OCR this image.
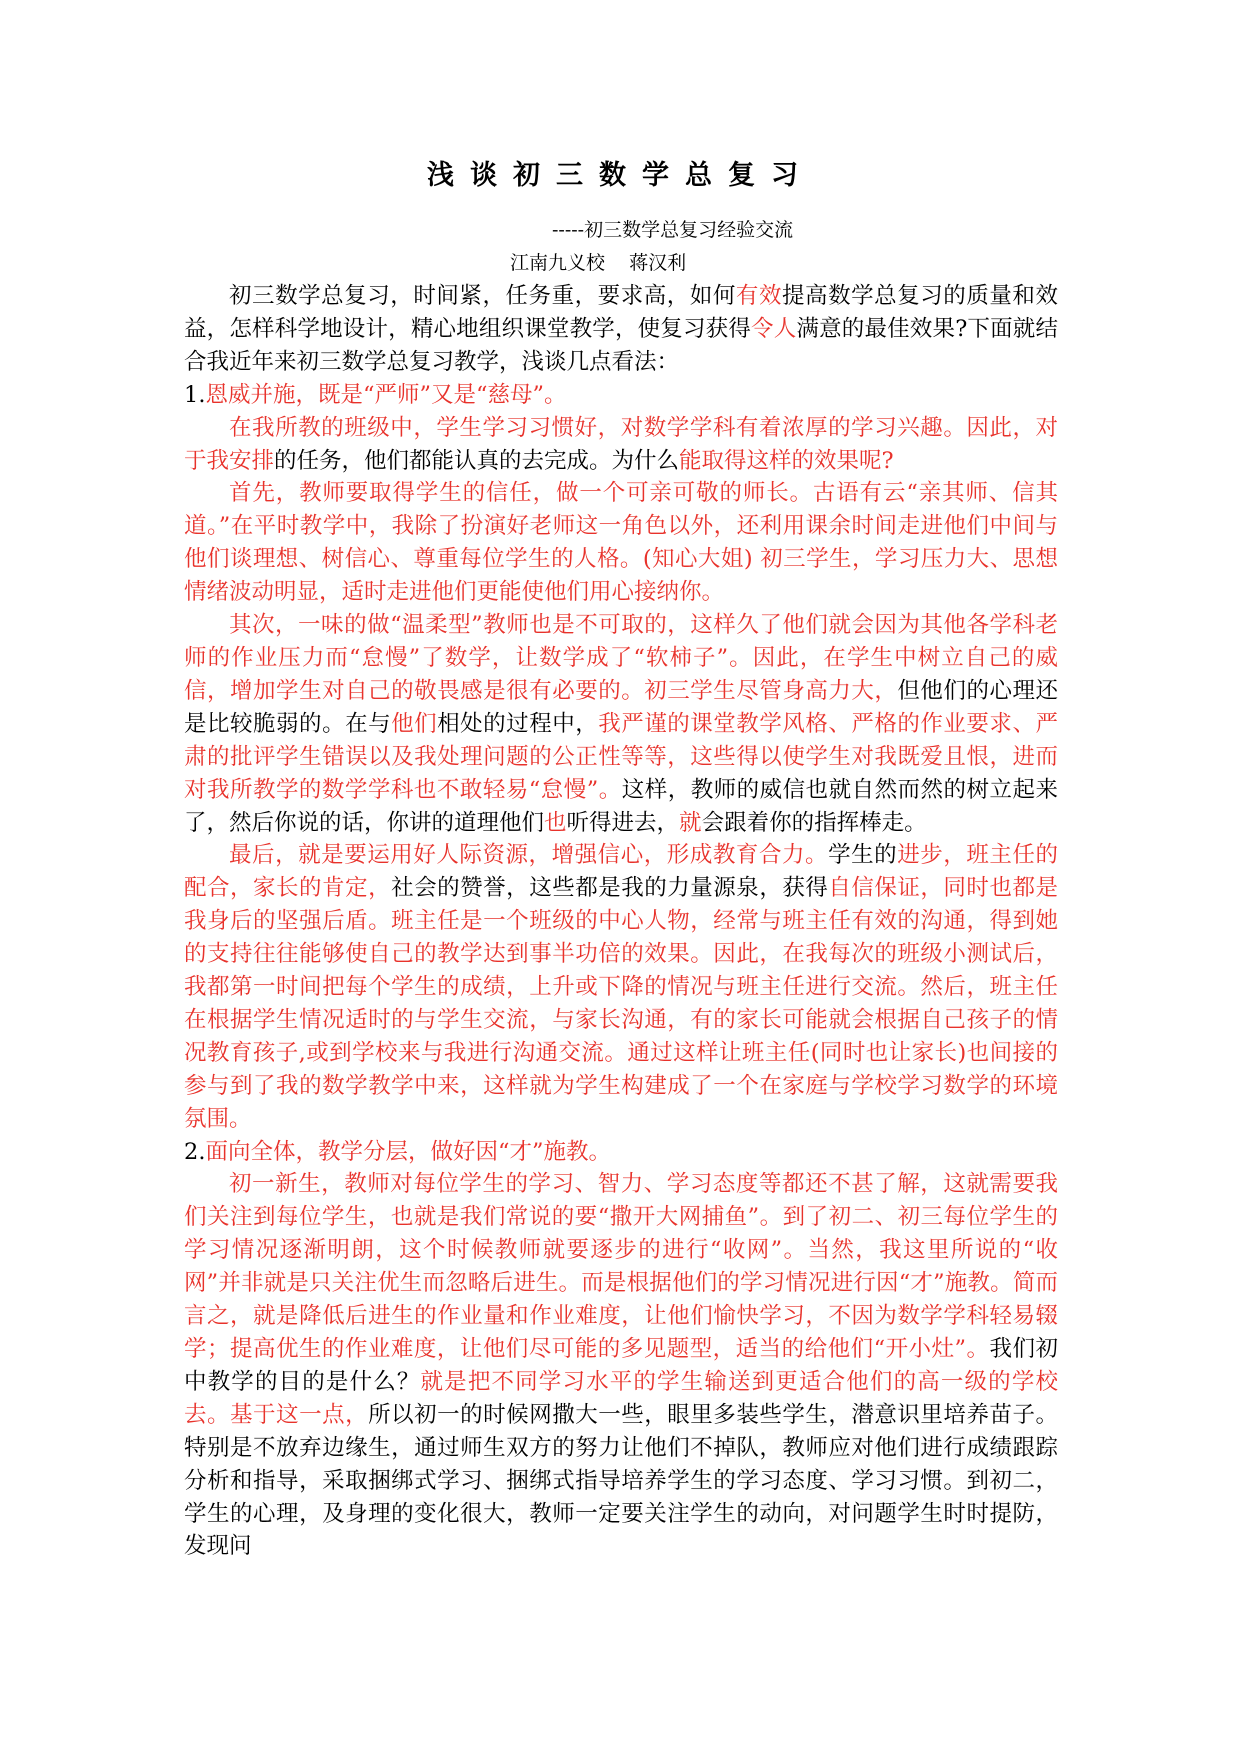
浅谈初三数学总复习
-----初三数学总复习经验交流
江南九义校    蒋汉利

初三数学总复习，时间紧，任务重，要求高，如何有效提高数学总复习的质量和效益，怎样科学地设计，精心地组织课堂教学，使复习获得令人满意的最佳效果?下面就结合我近年来初三数学总复习教学，浅谈几点看法：

1.恩威并施，既是“严师”又是“慈母”。

在我所教的班级中，学生学习习惯好，对数学学科有着浓厚的学习兴趣。因此，对于我安排的任务，他们都能认真的去完成。为什么能取得这样的效果呢?

首先，教师要取得学生的信任，做一个可亲可敬的师长。古语有云“亲其师、信其道。”在平时教学中，我除了扮演好老师这一角色以外，还利用课余时间走进他们中间与他们谈理想、树信心、尊重每位学生的人格。(知心大姐) 初三学生，学习压力大、思想情绪波动明显，适时走进他们更能使他们用心接纳你。

其次，一味的做“温柔型”教师也是不可取的，这样久了他们就会因为其他各学科老师的作业压力而“怠慢”了数学，让数学成了“软柿子”。因此，在学生中树立自己的威信，增加学生对自己的敬畏感是很有必要的。初三学生尽管身高力大，但他们的心理还是比较脆弱的。在与他们相处的过程中，我严谨的课堂教学风格、严格的作业要求、严肃的批评学生错误以及我处理问题的公正性等等，这些得以使学生对我既爱且恨，进而对我所教学的数学学科也不敢轻易“怠慢”。这样，教师的威信也就自然而然的树立起来了，然后你说的话，你讲的道理他们也听得进去，就会跟着你的指挥棒走。

最后，就是要运用好人际资源，增强信心，形成教育合力。学生的进步，班主任的配合，家长的肯定，社会的赞誉，这些都是我的力量源泉，获得自信保证，同时也都是我身后的坚强后盾。班主任是一个班级的中心人物，经常与班主任有效的沟通，得到她的支持往往能够使自己的教学达到事半功倍的效果。因此，在我每次的班级小测试后，我都第一时间把每个学生的成绩，上升或下降的情况与班主任进行交流。然后，班主任在根据学生情况适时的与学生交流，与家长沟通，有的家长可能就会根据自己孩子的情况教育孩子,或到学校来与我进行沟通交流。通过这样让班主任(同时也让家长)也间接的参与到了我的数学教学中来，这样就为学生构建成了一个在家庭与学校学习数学的环境氛围。

2.面向全体，教学分层，做好因“才”施教。

初一新生，教师对每位学生的学习、智力、学习态度等都还不甚了解，这就需要我们关注到每位学生，也就是我们常说的要“撒开大网捕鱼”。到了初二、初三每位学生的学习情况逐渐明朗，这个时候教师就要逐步的进行“收网”。当然，我这里所说的“收网”并非就是只关注优生而忽略后进生。而是根据他们的学习情况进行因“才”施教。简而言之，就是降低后进生的作业量和作业难度，让他们愉快学习，不因为数学学科轻易辍学；提高优生的作业难度，让他们尽可能的多见题型，适当的给他们“开小灶”。我们初中教学的目的是什么？就是把不同学习水平的学生输送到更适合他们的高一级的学校去。基于这一点，所以初一的时候网撒大一些，眼里多装些学生，潜意识里培养苗子。特别是不放弃边缘生，通过师生双方的努力让他们不掉队，教师应对他们进行成绩跟踪分析和指导，采取捆绑式学习、捆绑式指导培养学生的学习态度、学习习惯。到初二，学生的心理，及身理的变化很大，教师一定要关注学生的动向，对问题学生时时提防，发现问
